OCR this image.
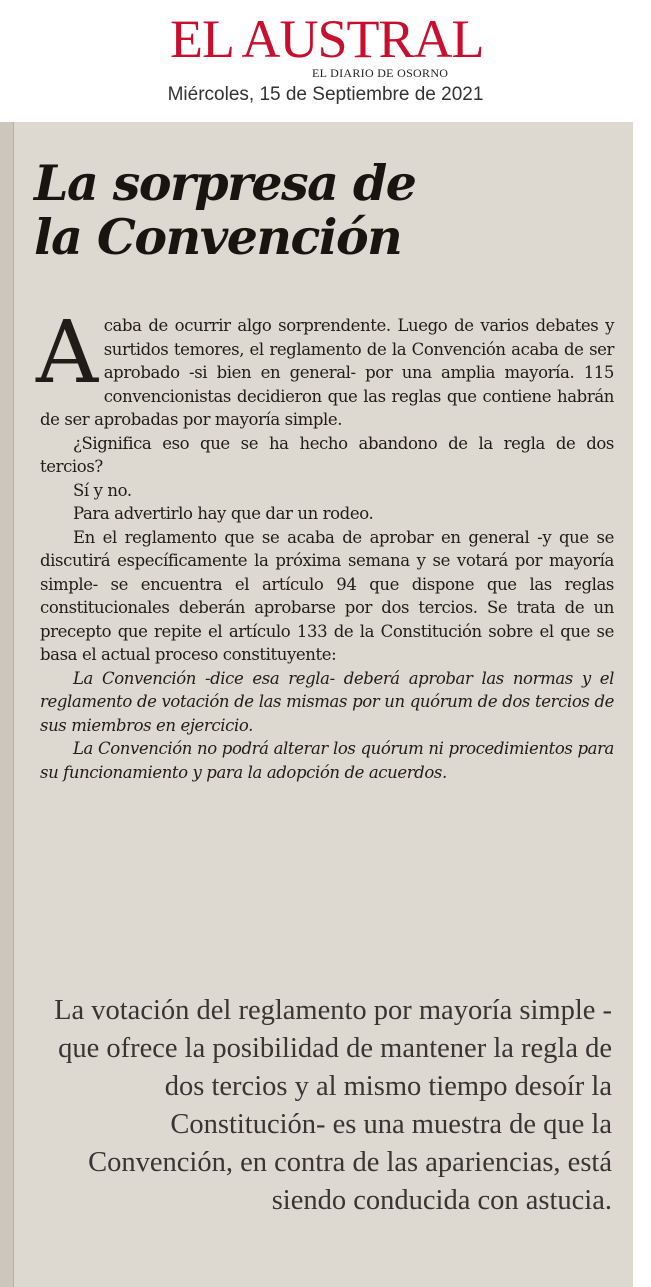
EL AUSTRAL
EL DIARIO DE OSORNO
Miércoles, 15 de Septiembre de 2021
La sorpresa de
la Convención

Acaba de ocurrir algo sorprendente. Luego de varios debates y surtidos temores, el reglamento de la Convención acaba de ser aprobado -si bien en general- por una amplia mayoría. 115 convencionistas decidieron que las reglas que contiene habrán de ser aprobadas por mayoría simple.

¿Significa eso que se ha hecho abandono de la regla de dos tercios?

Sí y no.

Para advertirlo hay que dar un rodeo.

En el reglamento que se acaba de aprobar en general -y que se discutirá específicamente la próxima semana y se votará por mayoría simple- se encuentra el artículo 94 que dispone que las reglas constitucionales deberán aprobarse por dos tercios. Se trata de un precepto que repite el artículo 133 de la Constitución sobre el que se basa el actual proceso constituyente:

La Convención -dice esa regla- deberá aprobar las normas y el reglamento de votación de las mismas por un quórum de dos tercios de sus miembros en ejercicio.

La Convención no podrá alterar los quórum ni procedimientos para su funcionamiento y para la adopción de acuerdos.

La votación del reglamento por mayoría simple -que ofrece la posibilidad de mantener la regla de dos tercios y al mismo tiempo desoír la Constitución- es una muestra de que la Convención, en contra de las apariencias, está siendo conducida con astucia.
